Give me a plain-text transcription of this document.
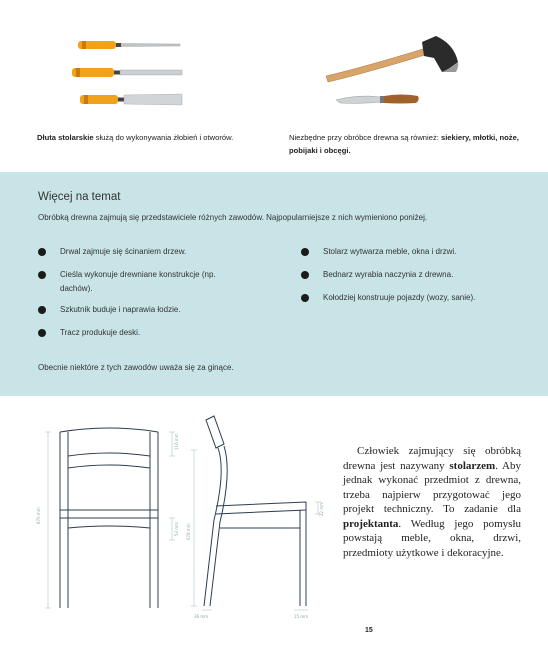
Dłuta stolarskie służą do wykonywania żłobień i otworów.	Niezbędne przy obróbce drewna są również: siekiery, młotki, noże, pobijaki i obcęgi.

Więcej na temat
Obróbką drewna zajmują się przedstawiciele różnych zawodów. Najpopularniejsze z nich wymieniono poniżej.
Drwal zajmuje się ścinaniem drzew.
Cieśla wykonuje drewniane konstrukcje (np. dachów).
Szkutnik buduje i naprawia łodzie.
Tracz produkuje deski.
Stolarz wytwarza meble, okna i drzwi.
Bednarz wyrabia naczynia z drewna.
Kołodziej konstruuje pojazdy (wozy, sanie).
Obecnie niektóre z tych zawodów uważa się za ginące.
870 mm
116 mm
53 mm 678 mm
22 mm
36 mm	15 mm

Człowiek zajmujący się obróbką drewna jest nazywany stolarzem. Aby jednak wykonać przedmiot z drewna, trzeba najpierw przygotować jego projekt techniczny. To zadanie dla projektanta. Według jego pomysłu powstają meble, okna, drzwi, przedmioty użytkowe i dekoracyjne.

15
